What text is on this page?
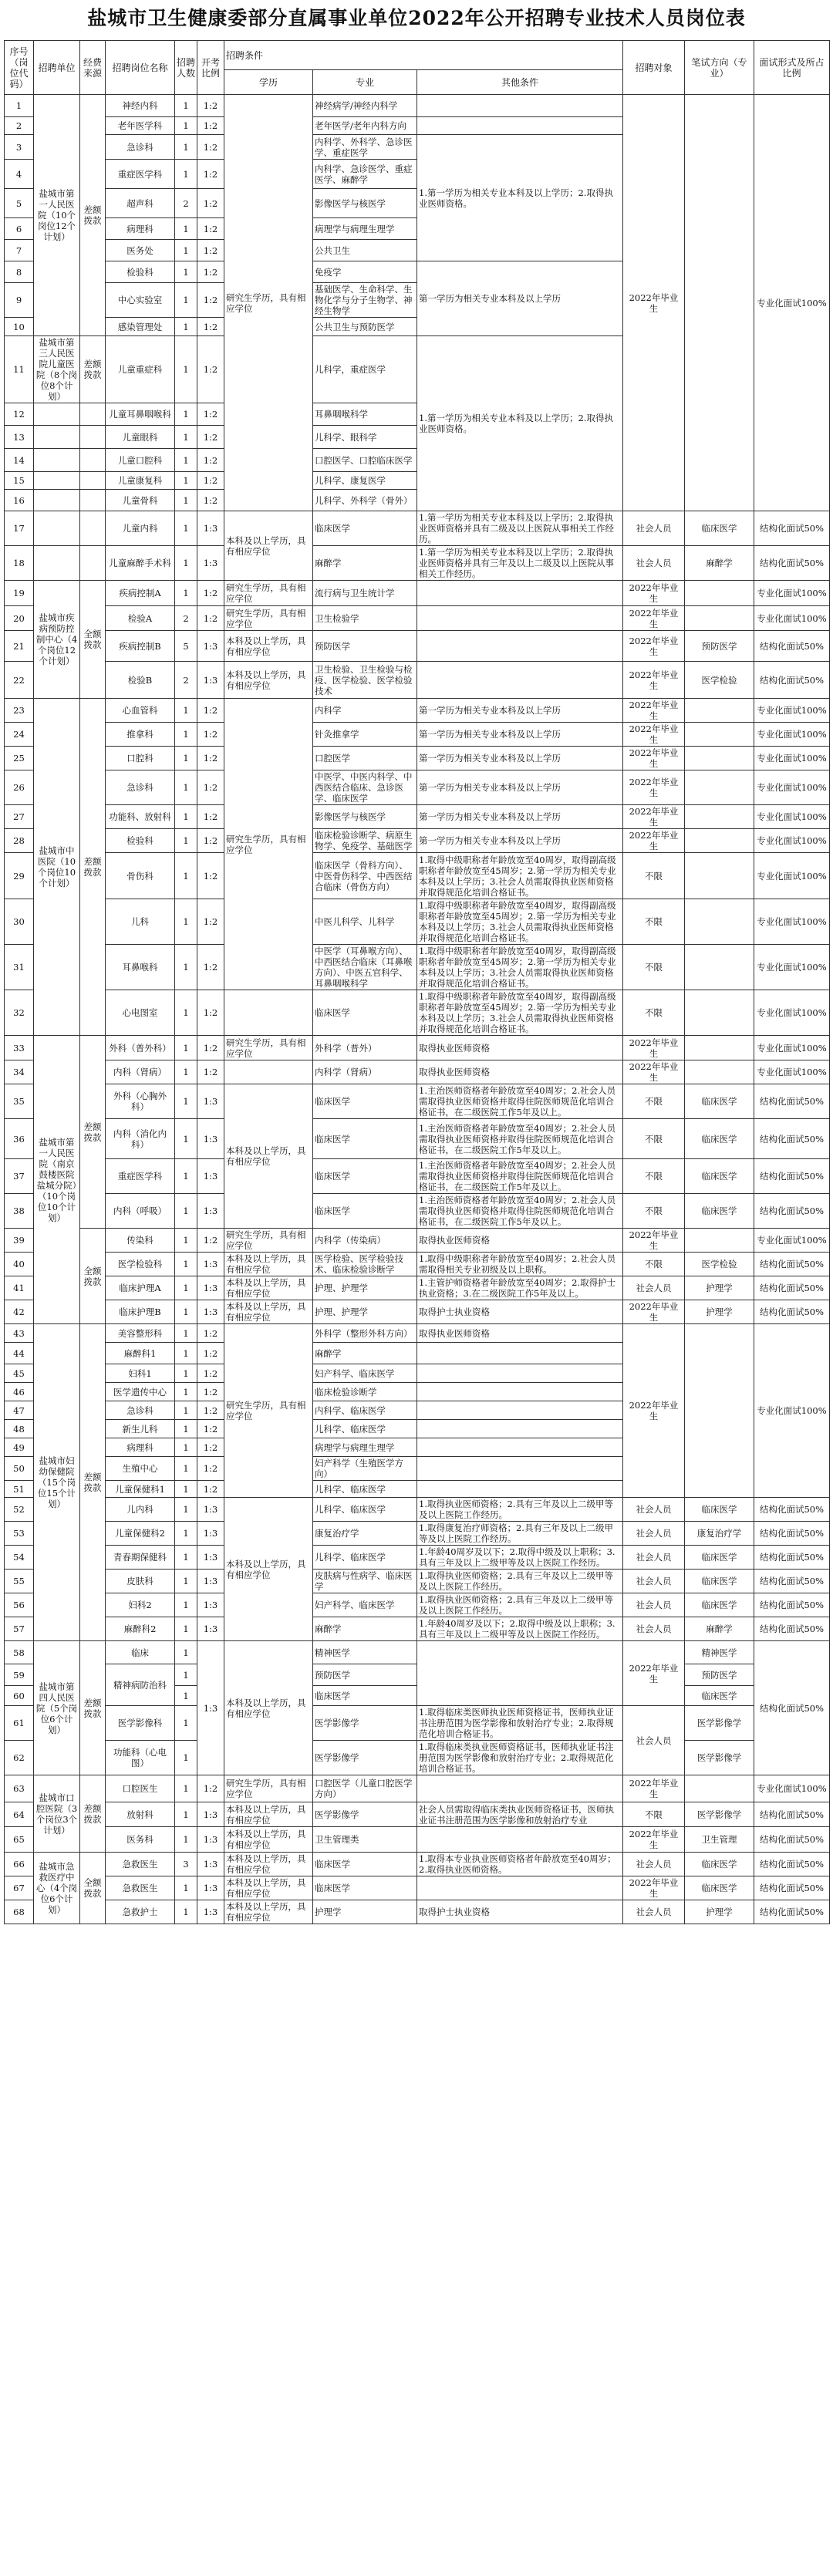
盐城市卫生健康委部分直属事业单位2022年公开招聘专业技术人员岗位表
序号（岗位代码）	招聘单位	经费来源	招聘岗位名称	招聘人数	开考比例	招聘条件			招聘对象	笔试方向（专业）	面试形式及所占比例
						学历	专业	其他条件			
1	盐城市第一人民医院（10个岗位12个计划）	差额拨款	神经内科	1	1:2	研究生学历，具有相应学位	神经病学/神经内科学		2022年毕业生		专业化面试100%
2			老年医学科	1	1:2		老年医学/老年内科方向				
3			急诊科	1	1:2		内科学、外科学、急诊医学、重症医学	1.第一学历为相关专业本科及以上学历；2.取得执业医师资格。			
4			重症医学科	1	1:2		内科学、急诊医学、重症医学、麻醉学				
5			超声科	2	1:2		影像医学与核医学				
6			病理科	1	1:2		病理学与病理生理学				
7			医务处	1	1:2		公共卫生				
8			检验科	1	1:2		免疫学	第一学历为相关专业本科及以上学历			
9			中心实验室	1	1:2		基础医学、生命科学、生物化学与分子生物学、神经生物学				
10			感染管理处	1	1:2		公共卫生与预防医学				
11	盐城市第三人民医院儿童医院（8个岗位8个计划）	差额拨款	儿童重症科	1	1:2		儿科学，重症医学	1.第一学历为相关专业本科及以上学历；2.取得执业医师资格。			
12			儿童耳鼻咽喉科	1	1:2		耳鼻咽喉科学				
13			儿童眼科	1	1:2		儿科学、眼科学				
14			儿童口腔科	1	1:2		口腔医学、口腔临床医学				
15			儿童康复科	1	1:2		儿科学、康复医学				
16			儿童骨科	1	1:2		儿科学、外科学（骨外）				
17			儿童内科	1	1:3	本科及以上学历，具有相应学位	临床医学	1.第一学历为相关专业本科及以上学历；2.取得执业医师资格并具有二级及以上医院从事相关工作经历。	社会人员	临床医学	结构化面试50%
18			儿童麻醉手术科	1	1:3		麻醉学	1.第一学历为相关专业本科及以上学历；2.取得执业医师资格并具有三年及以上二级及以上医院从事相关工作经历。	社会人员	麻醉学	结构化面试50%
19	盐城市疾病预防控制中心（4个岗位12个计划）	全额拨款	疾病控制A	1	1:2	研究生学历，具有相应学位	流行病与卫生统计学		2022年毕业生		专业化面试100%
20			检验A	2	1:2	研究生学历，具有相应学位	卫生检验学		2022年毕业生		专业化面试100%
21			疾病控制B	5	1:3	本科及以上学历，具有相应学位	预防医学		2022年毕业生	预防医学	结构化面试50%
22			检验B	2	1:3	本科及以上学历，具有相应学位	卫生检验、卫生检验与检疫、医学检验、医学检验技术		2022年毕业生	医学检验	结构化面试50%
23	盐城市中医院（10个岗位10个计划）	差额拨款	心血管科	1	1:2	研究生学历，具有相应学位	内科学	第一学历为相关专业本科及以上学历	2022年毕业生		专业化面试100%
24			推拿科	1	1:2		针灸推拿学	第一学历为相关专业本科及以上学历	2022年毕业生		专业化面试100%
25			口腔科	1	1:2		口腔医学	第一学历为相关专业本科及以上学历	2022年毕业生		专业化面试100%
26			急诊科	1	1:2		中医学、中医内科学、中西医结合临床、急诊医学、临床医学	第一学历为相关专业本科及以上学历	2022年毕业生		专业化面试100%
27			功能科、放射科	1	1:2		影像医学与核医学	第一学历为相关专业本科及以上学历	2022年毕业生		专业化面试100%
28			检验科	1	1:2		临床检验诊断学、病原生物学、免疫学、基础医学	第一学历为相关专业本科及以上学历	2022年毕业生		专业化面试100%
29			骨伤科	1	1:2		临床医学（骨科方向）、中医骨伤科学、中西医结合临床（骨伤方向）	1.取得中级职称者年龄放宽至40周岁，取得副高级职称者年龄放宽至45周岁；2.第一学历为相关专业本科及以上学历；3.社会人员需取得执业医师资格并取得规范化培训合格证书。	不限		专业化面试100%
30			儿科	1	1:2		中医儿科学、儿科学	1.取得中级职称者年龄放宽至40周岁，取得副高级职称者年龄放宽至45周岁；2.第一学历为相关专业本科及以上学历；3.社会人员需取得执业医师资格并取得规范化培训合格证书。	不限		专业化面试100%
31			耳鼻喉科	1	1:2		中医学（耳鼻喉方向）、中西医结合临床（耳鼻喉方向）、中医五官科学、耳鼻咽喉科学	1.取得中级职称者年龄放宽至40周岁，取得副高级职称者年龄放宽至45周岁；2.第一学历为相关专业本科及以上学历；3.社会人员需取得执业医师资格并取得规范化培训合格证书。	不限		专业化面试100%
32			心电图室	1	1:2		临床医学	1.取得中级职称者年龄放宽至40周岁，取得副高级职称者年龄放宽至45周岁；2.第一学历为相关专业本科及以上学历；3.社会人员需取得执业医师资格并取得规范化培训合格证书。	不限		专业化面试100%
33	盐城市第一人民医院（南京鼓楼医院盐城分院）（10个岗位10个计划）	差额拨款	外科（普外科）	1	1:2	研究生学历，具有相应学位	外科学（普外）	取得执业医师资格	2022年毕业生		专业化面试100%
34			内科（肾病）	1	1:2		内科学（肾病）	取得执业医师资格	2022年毕业生		专业化面试100%
35			外科（心胸外科）	1	1:3	本科及以上学历，具有相应学位	临床医学	1.主治医师资格者年龄放宽至40周岁；2.社会人员需取得执业医师资格并取得住院医师规范化培训合格证书，在二级医院工作5年及以上。	不限	临床医学	结构化面试50%
36			内科（消化内科）	1	1:3		临床医学	1.主治医师资格者年龄放宽至40周岁；2.社会人员需取得执业医师资格并取得住院医师规范化培训合格证书，在二级医院工作5年及以上。	不限	临床医学	结构化面试50%
37			重症医学科	1	1:3		临床医学	1.主治医师资格者年龄放宽至40周岁；2.社会人员需取得执业医师资格并取得住院医师规范化培训合格证书，在二级医院工作5年及以上。	不限	临床医学	结构化面试50%
38			内科（呼吸）	1	1:3		临床医学	1.主治医师资格者年龄放宽至40周岁；2.社会人员需取得执业医师资格并取得住院医师规范化培训合格证书，在二级医院工作5年及以上。	不限	临床医学	结构化面试50%
39		全额拨款	传染科	1	1:2	研究生学历，具有相应学位	内科学（传染病）	取得执业医师资格	2022年毕业生		专业化面试100%
40			医学检验科	1	1:3	本科及以上学历，具有相应学位	医学检验、医学检验技术、临床检验诊断学	1.取得中级职称者年龄放宽至40周岁；2.社会人员需取得相关专业初级及以上职称。	不限	医学检验	结构化面试50%
41			临床护理A	1	1:3	本科及以上学历，具有相应学位	护理、护理学	1.主管护师资格者年龄放宽至40周岁；2.取得护士执业资格；3.在二级医院工作5年及以上。	社会人员	护理学	结构化面试50%
42			临床护理B	1	1:3	本科及以上学历，具有相应学位	护理、护理学	取得护士执业资格	2022年毕业生	护理学	结构化面试50%
43	盐城市妇幼保健院（15个岗位15个计划）	差额拨款	美容整形科	1	1:2	研究生学历，具有相应学位	外科学（整形外科方向）	取得执业医师资格	2022年毕业生		专业化面试100%
44			麻醉科1	1	1:2		麻醉学				
45			妇科1	1	1:2		妇产科学、临床医学				
46			医学遗传中心	1	1:2		临床检验诊断学				
47			急诊科	1	1:2		内科学、临床医学				
48			新生儿科	1	1:2		儿科学、临床医学				
49			病理科	1	1:2		病理学与病理生理学				
50			生殖中心	1	1:2		妇产科学（生殖医学方向）				
51			儿童保健科1	1	1:2		儿科学、临床医学				
52			儿内科	1	1:3	本科及以上学历，具有相应学位	儿科学、临床医学	1.取得执业医师资格；2.具有三年及以上二级甲等及以上医院工作经历。	社会人员	临床医学	结构化面试50%
53			儿童保健科2	1	1:3		康复治疗学	1.取得康复治疗师资格；2.具有三年及以上二级甲等及以上医院工作经历。	社会人员	康复治疗学	结构化面试50%
54			青春期保健科	1	1:3		儿科学、临床医学	1.年龄40周岁及以下；2.取得中级及以上职称；3.具有三年及以上二级甲等及以上医院工作经历。	社会人员	临床医学	结构化面试50%
55			皮肤科	1	1:3		皮肤病与性病学、临床医学	1.取得执业医师资格；2.具有三年及以上二级甲等及以上医院工作经历。	社会人员	临床医学	结构化面试50%
56			妇科2	1	1:3		妇产科学、临床医学	1.取得执业医师资格；2.具有三年及以上二级甲等及以上医院工作经历。	社会人员	临床医学	结构化面试50%
57			麻醉科2	1	1:3		麻醉学	1.年龄40周岁及以下；2.取得中级及以上职称；3.具有三年及以上二级甲等及以上医院工作经历。	社会人员	麻醉学	结构化面试50%
58	盐城市第四人民医院（5个岗位6个计划）	差额拨款	临床	1	1:3	本科及以上学历，具有相应学位	精神医学		2022年毕业生	精神医学	结构化面试50%
59			精神病防治科	1			预防医学			预防医学	
60				1			临床医学			临床医学	
61			医学影像科	1			医学影像学	1.取得临床类医师执业医师资格证书，医师执业证书注册范围为医学影像和放射治疗专业；2.取得规范化培训合格证书。	社会人员	医学影像学	
62			功能科（心电图）	1			医学影像学	1.取得临床类执业医师资格证书，医师执业证书注册范围为医学影像和放射治疗专业；2.取得规范化培训合格证书。		医学影像学	
63	盐城市口腔医院（3个岗位3个计划）	差额拨款	口腔医生	1	1:2	研究生学历，具有相应学位	口腔医学（儿童口腔医学方向）		2022年毕业生		专业化面试100%
64			放射科	1	1:3	本科及以上学历，具有相应学位	医学影像学	社会人员需取得临床类执业医师资格证书，医师执业证书注册范围为医学影像和放射治疗专业	不限	医学影像学	结构化面试50%
65			医务科	1	1:3	本科及以上学历，具有相应学位	卫生管理类		2022年毕业生	卫生管理	结构化面试50%
66	盐城市急救医疗中心（4个岗位6个计划）	全额拨款	急救医生	3	1:3	本科及以上学历，具有相应学位	临床医学	1.取得本专业执业医师资格者年龄放宽至40周岁；2.取得执业医师资格。	社会人员	临床医学	结构化面试50%
67			急救医生	1	1:3	本科及以上学历，具有相应学位	临床医学		2022年毕业生	临床医学	结构化面试50%
68			急救护士	1	1:3	本科及以上学历，具有相应学位	护理学	取得护士执业资格	社会人员	护理学	结构化面试50%
